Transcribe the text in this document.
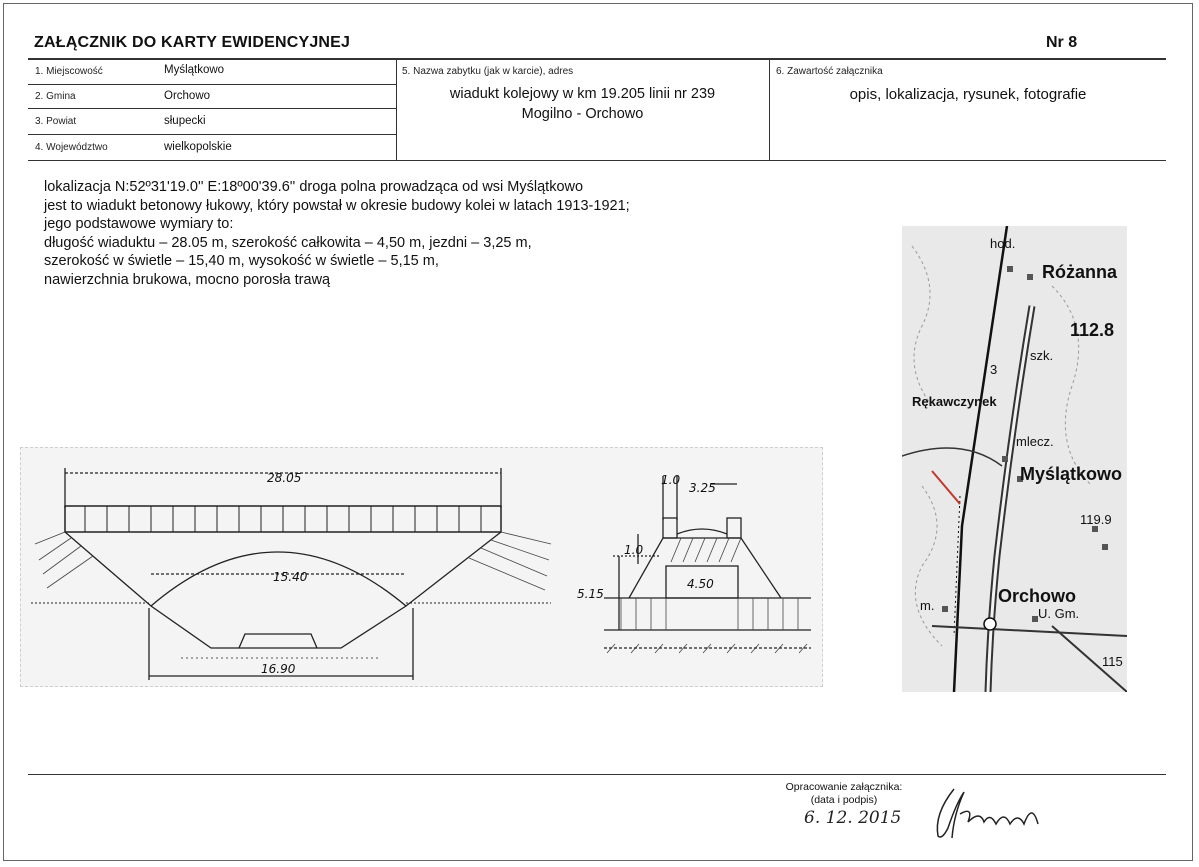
ZAŁĄCZNIK DO KARTY EWIDENCYJNEJ	Nr 8
1. Miejscowość	Myślątkowo
2. Gmina	Orchowo
3. Powiat	słupecki
4. Województwo	wielkopolskie
5. Nazwa zabytku (jak w karcie), adres
wiadukt kolejowy w km 19.205 linii nr 239
Mogilno - Orchowo
6. Zawartość załącznika
opis, lokalizacja, rysunek, fotografie
lokalizacja N:52º31'19.0'' E:18º00'39.6'' droga polna prowadząca od wsi Myślątkowo
jest to wiadukt betonowy łukowy, który powstał w okresie budowy kolei w latach 1913-1921;
jego podstawowe wymiary to:
długość wiaduktu – 28.05 m, szerokość całkowita – 4,50 m, jezdni – 3,25 m,
szerokość w świetle – 15,40 m, wysokość w świetle – 5,15 m,
nawierzchnia brukowa, mocno porosła trawą
28.05
15.40
16.90
1.0
3.25
1.0
4.50
5.15
hod.
Różanna
112.8
szk.
3
Rękawczynek
mlecz.
Myślątkowo
119.9
Orchowo
m.
U. Gm.
115
Opracowanie załącznika:
(data i podpis)
6. 12. 2015
